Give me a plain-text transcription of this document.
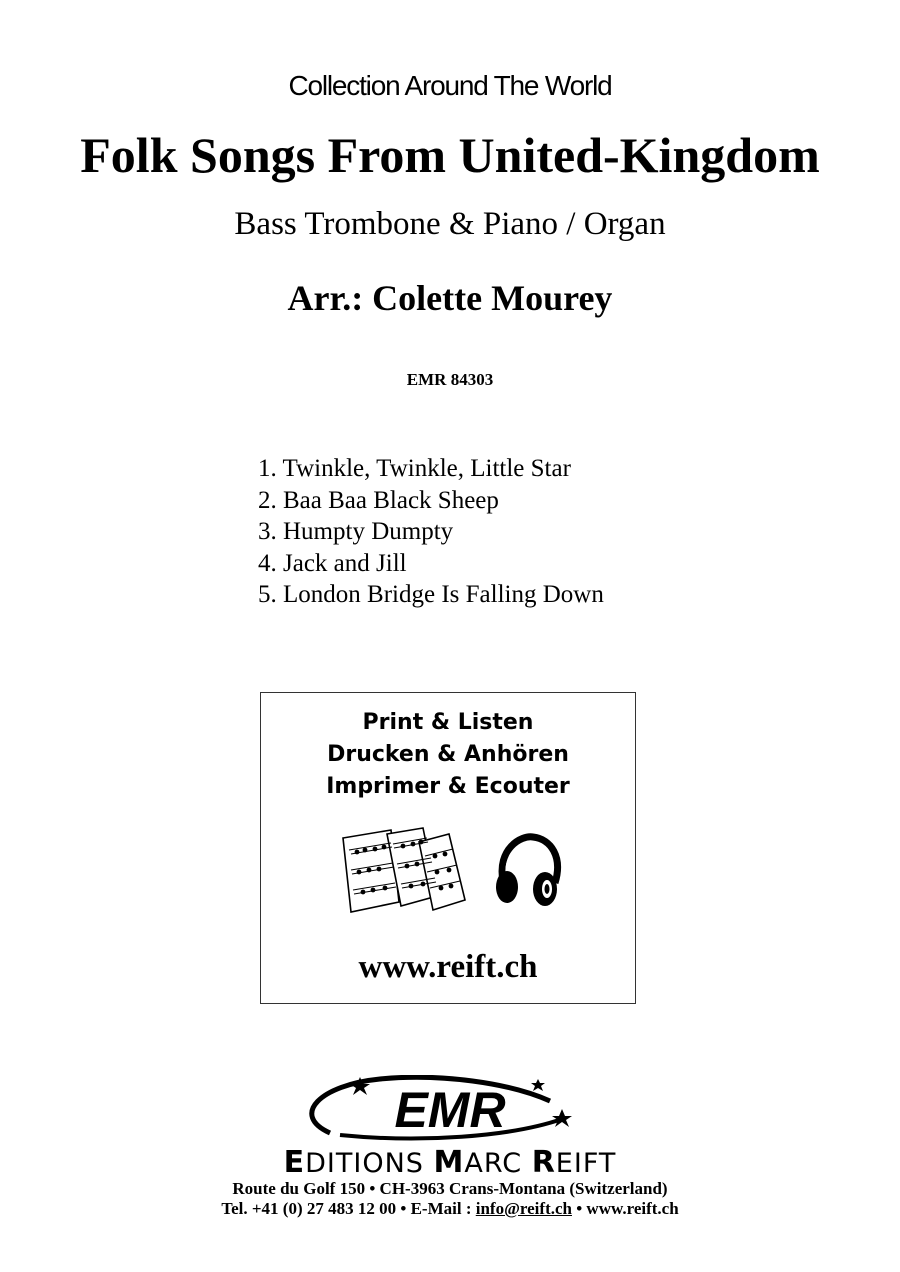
Collection Around The World
Folk Songs From United-Kingdom
Bass Trombone & Piano / Organ
Arr.: Colette Mourey
EMR 84303
1. Twinkle, Twinkle, Little Star
2. Baa Baa Black Sheep
3. Humpty Dumpty
4. Jack and Jill
5. London Bridge Is Falling Down
Print & Listen
Drucken & Anhören
Imprimer & Ecouter
www.reift.ch
EMR
EDITIONS MARC REIFT
Route du Golf 150 • CH-3963 Crans-Montana (Switzerland)
Tel. +41 (0) 27 483 12 00 • E-Mail : info@reift.ch • www.reift.ch
